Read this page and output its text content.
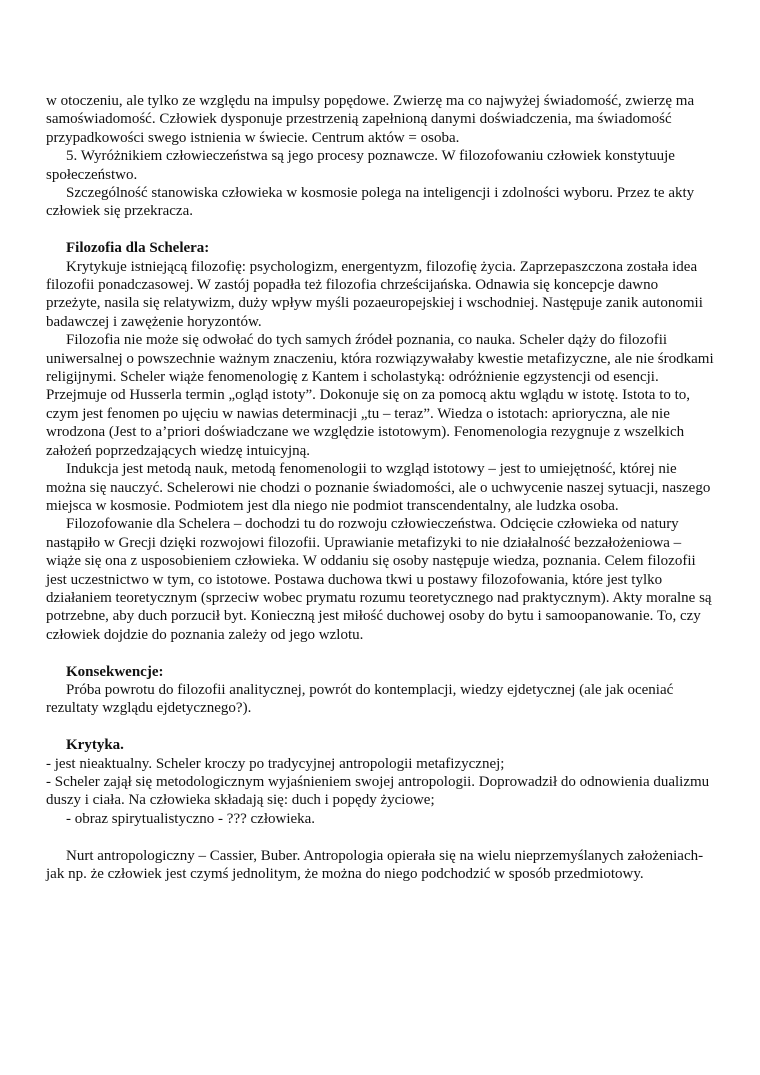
w otoczeniu, ale tylko ze względu na impulsy popędowe. Zwierzę ma co najwyżej świadomość, zwierzę ma samoświadomość. Człowiek dysponuje przestrzenią zapełnioną danymi doświadczenia, ma świadomość przypadkowości swego istnienia w świecie. Centrum aktów = osoba.

5. Wyróżnikiem człowieczeństwa są jego procesy poznawcze. W filozofowaniu człowiek konstytuuje społeczeństwo.

Szczególność stanowiska człowieka w kosmosie polega na inteligencji i zdolności wyboru. Przez te akty człowiek się przekracza.

Filozofia dla Schelera:

Krytykuje istniejącą filozofię: psychologizm, energentyzm, filozofię życia. Zaprzepaszczona została idea filozofii ponadczasowej. W zastój popadła też filozofia chrześcijańska. Odnawia się koncepcje dawno przeżyte, nasila się relatywizm, duży wpływ myśli pozaeuropejskiej i wschodniej. Następuje zanik autonomii badawczej i zawężenie horyzontów.

Filozofia nie może się odwołać do tych samych źródeł poznania, co nauka. Scheler dąży do filozofii uniwersalnej o powszechnie ważnym znaczeniu, która rozwiązywałaby kwestie metafizyczne, ale nie środkami religijnymi. Scheler wiąże fenomenologię z Kantem i scholastyką: odróżnienie egzystencji od esencji. Przejmuje od Husserla termin „ogląd istoty”. Dokonuje się on za pomocą aktu wglądu w istotę. Istota to to, czym jest fenomen po ujęciu w nawias determinacji „tu – teraz”. Wiedza o istotach: aprioryczna, ale nie wrodzona (Jest to a’priori doświadczane we względzie istotowym). Fenomenologia rezygnuje z wszelkich założeń poprzedzających wiedzę intuicyjną.

Indukcja jest metodą nauk, metodą fenomenologii to wzgląd istotowy – jest to umiejętność, której nie można się nauczyć. Schelerowi nie chodzi o poznanie świadomości, ale o uchwycenie naszej sytuacji, naszego miejsca w kosmosie. Podmiotem jest dla niego nie podmiot transcendentalny, ale ludzka osoba.

Filozofowanie dla Schelera – dochodzi tu do rozwoju człowieczeństwa. Odcięcie człowieka od natury nastąpiło w Grecji dzięki rozwojowi filozofii. Uprawianie metafizyki to nie działalność bezzałożeniowa – wiąże się ona z usposobieniem człowieka. W oddaniu się osoby następuje wiedza, poznania. Celem filozofii jest uczestnictwo w tym, co istotowe. Postawa duchowa tkwi u postawy filozofowania, które jest tylko działaniem teoretycznym (sprzeciw wobec prymatu rozumu teoretycznego nad praktycznym). Akty moralne są potrzebne, aby duch porzucił byt. Konieczną jest miłość duchowej osoby do bytu i samoopanowanie. To, czy człowiek dojdzie do poznania zależy od jego wzlotu.

Konsekwencje:

Próba powrotu do filozofii analitycznej, powrót do kontemplacji, wiedzy ejdetycznej (ale jak oceniać rezultaty wzglądu ejdetycznego?).

Krytyka.

- jest nieaktualny. Scheler kroczy po tradycyjnej antropologii metafizycznej;

- Scheler zajął się metodologicznym wyjaśnieniem swojej antropologii. Doprowadził do odnowienia dualizmu duszy i ciała. Na człowieka składają się: duch i popędy życiowe;

- obraz spirytualistyczno - ??? człowieka.

Nurt antropologiczny – Cassier, Buber. Antropologia opierała się na wielu nieprzemyślanych założeniach- jak np. że człowiek jest czymś jednolitym, że można do niego podchodzić w sposób przedmiotowy.
